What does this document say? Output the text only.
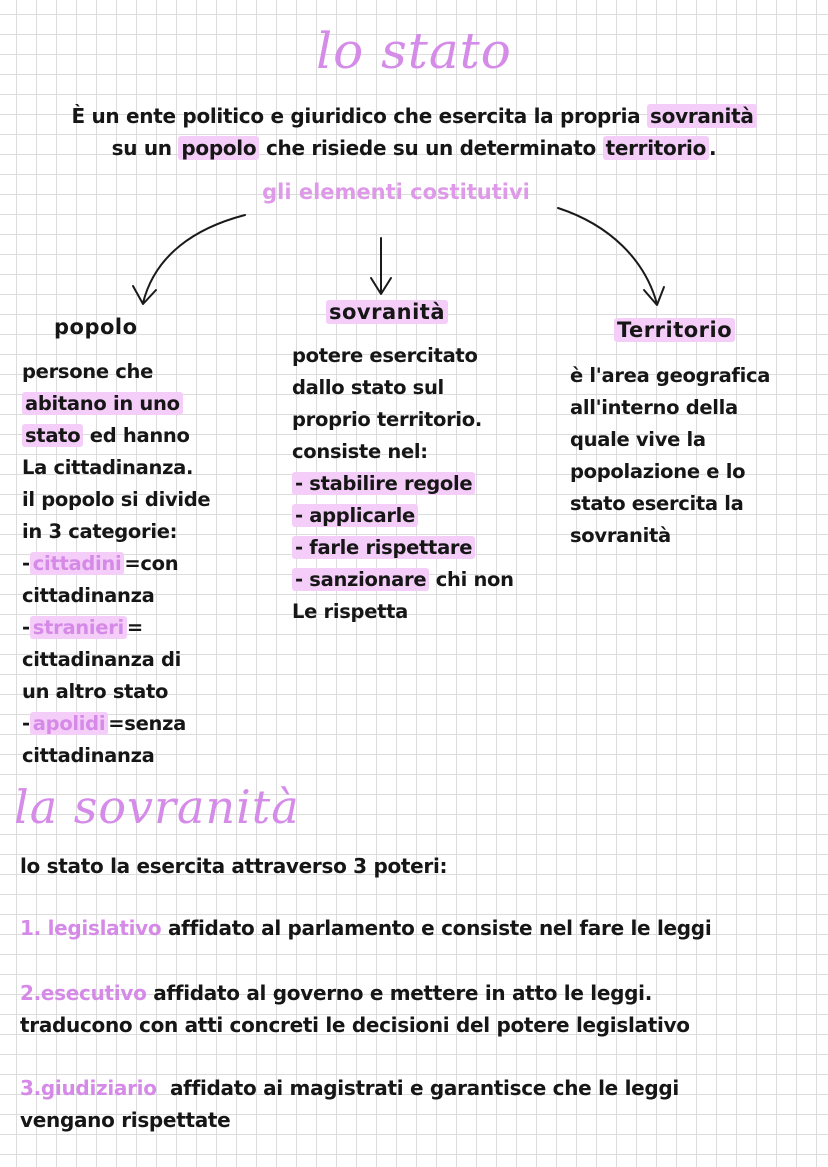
lo stato
È un ente politico e giuridico che esercita la propria sovranità
su un popolo che risiede su un determinato territorio .
gli elementi costitutivi
popolo
persone che
abitano in uno
stato ed hanno
La cittadinanza.
il popolo si divide
in 3 categorie:
- cittadini =con
cittadinanza
- stranieri =
cittadinanza di
un altro stato
- apolidi =senza
cittadinanza
sovranità
potere esercitato
dallo stato sul
proprio territorio.
consiste nel:
- stabilire regole
- applicarle
- farle rispettare
- sanzionare chi non
Le rispetta
Territorio
è l'area geografica
all'interno della
quale vive la
popolazione e lo
stato esercita la
sovranità
la sovranità
lo stato la esercita attraverso 3 poteri:
1. legislativo affidato al parlamento e consiste nel fare le leggi
2.esecutivo affidato al governo e mettere in atto le leggi.
traducono con atti concreti le decisioni del potere legislativo
3.giudiziario  affidato ai magistrati e garantisce che le leggi
vengano rispettate
